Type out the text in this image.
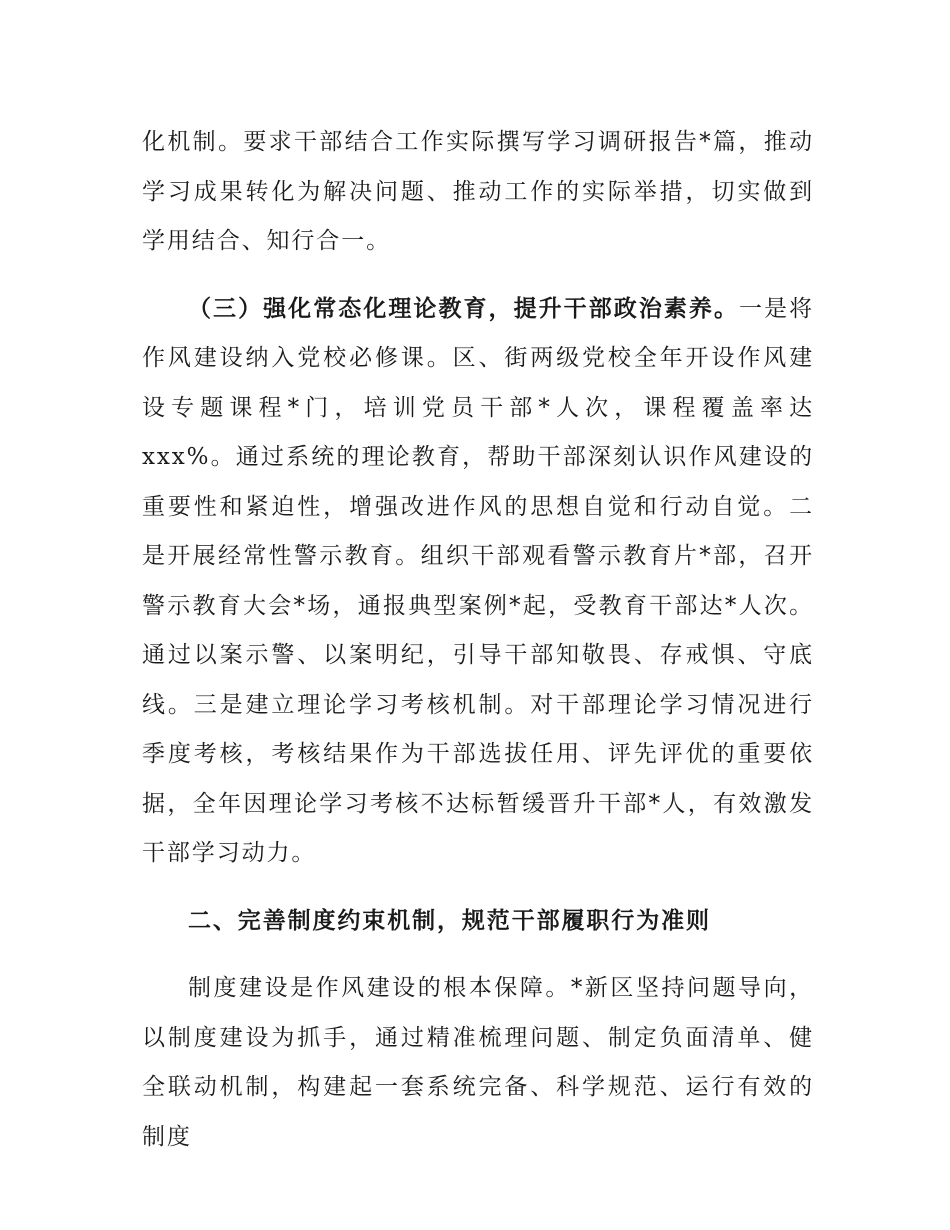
化机制。要求干部结合工作实际撰写学习调研报告*篇，推动学习成果转化为解决问题、推动工作的实际举措，切实做到学用结合、知行合一。

（三）强化常态化理论教育，提升干部政治素养。一是将作风建设纳入党校必修课。区、街两级党校全年开设作风建设专题课程*门，培训党员干部*人次，课程覆盖率达 xxx%。通过系统的理论教育，帮助干部深刻认识作风建设的重要性和紧迫性，增强改进作风的思想自觉和行动自觉。二是开展经常性警示教育。组织干部观看警示教育片*部，召开警示教育大会*场，通报典型案例*起，受教育干部达*人次。通过以案示警、以案明纪，引导干部知敬畏、存戒惧、守底线。三是建立理论学习考核机制。对干部理论学习情况进行季度考核，考核结果作为干部选拔任用、评先评优的重要依据，全年因理论学习考核不达标暂缓晋升干部*人，有效激发干部学习动力。

二、完善制度约束机制，规范干部履职行为准则

制度建设是作风建设的根本保障。*新区坚持问题导向，以制度建设为抓手，通过精准梳理问题、制定负面清单、健全联动机制，构建起一套系统完备、科学规范、运行有效的制度
